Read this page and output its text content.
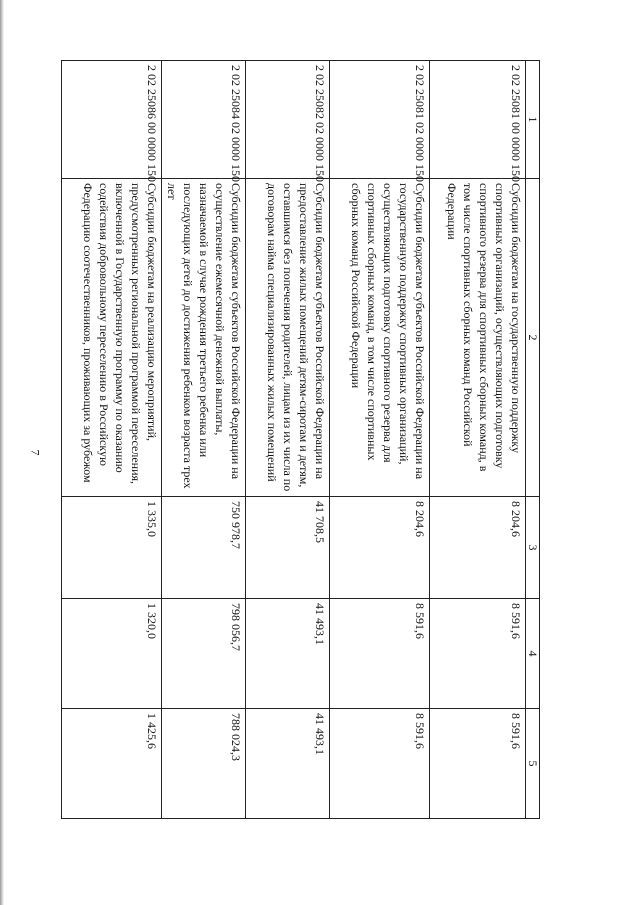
7
1	2	3	4	5
2 02 25081 00 0000 150	Субсидии бюджетам на государственную поддержку спортивных организаций, осуществляющих подготовку спортивного резерва для спортивных сборных команд, в том числе спортивных сборных команд Российской Федерации	8 204,6	8 591,6	8 591,6
2 02 25081 02 0000 150	Субсидии бюджетам субъектов Российской Федерации на государственную поддержку спортивных организаций, осуществляющих подготовку спортивного резерва для спортивных сборных команд, в том числе спортивных сборных команд Российской Федерации	8 204,6	8 591,6	8 591,6
2 02 25082 02 0000 150	Субсидии бюджетам субъектов Российской Федерации на предоставление жилых помещений детям-сиротам и детям, оставшимся без попечения родителей, лицам из их числа по договорам найма специализированных жилых помещений	41 708,5	41 493,1	41 493,1
2 02 25084 02 0000 150	Субсидии бюджетам субъектов Российской Федерации на осуществление ежемесячной денежной выплаты, назначаемой в случае рождения третьего ребенка или последующих детей до достижения ребенком возраста трех лет	750 978,7	798 056,7	788 024,3
2 02 25086 00 0000 150	Субсидии бюджетам на реализацию мероприятий, предусмотренных региональной программой переселения, включенной в Государственную программу по оказанию содействия добровольному переселению в Российскую Федерацию соотечественников, проживающих за рубежом	1 335,0	1 320,0	1 425,6
